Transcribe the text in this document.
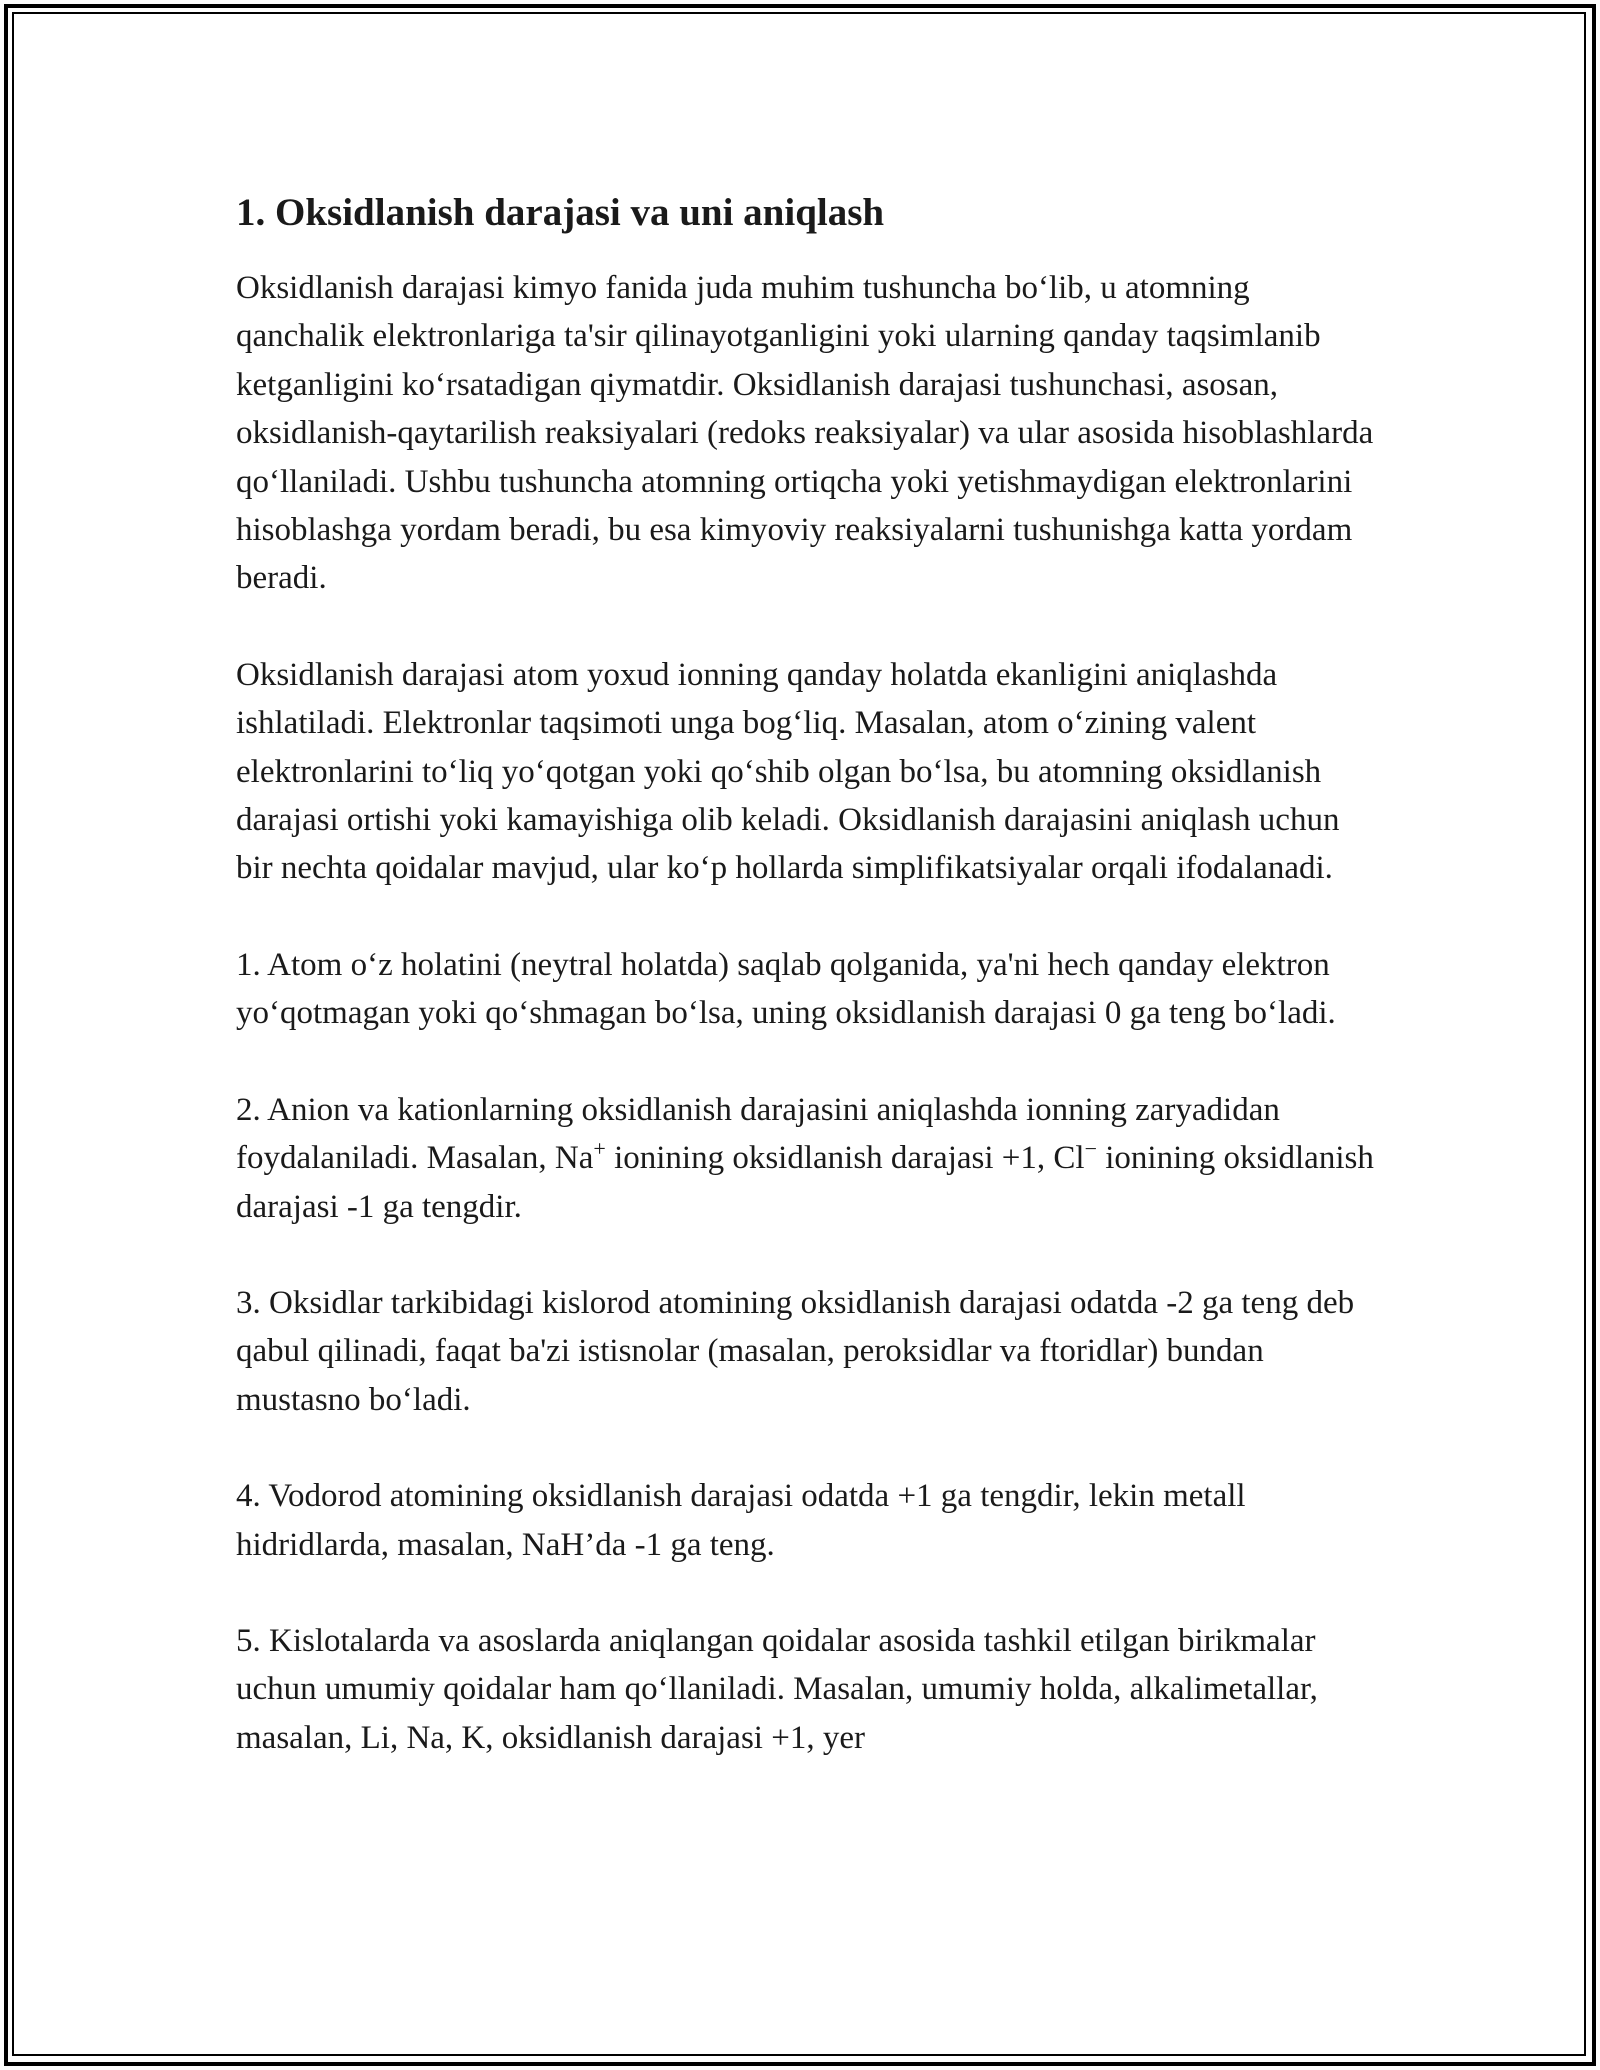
1. Oksidlanish darajasi va uni aniqlash

Oksidlanish darajasi kimyo fanida juda muhim tushuncha bo‘lib, u atomning qanchalik elektronlariga ta'sir qilinayotganligini yoki ularning qanday taqsimlanib ketganligini ko‘rsatadigan qiymatdir. Oksidlanish darajasi tushunchasi, asosan, oksidlanish-qaytarilish reaksiyalari (redoks reaksiyalar) va ular asosida hisoblashlarda qo‘llaniladi. Ushbu tushuncha atomning ortiqcha yoki yetishmaydigan elektronlarini hisoblashga yordam beradi, bu esa kimyoviy reaksiyalarni tushunishga katta yordam beradi.

Oksidlanish darajasi atom yoxud ionning qanday holatda ekanligini aniqlashda ishlatiladi. Elektronlar taqsimoti unga bog‘liq. Masalan, atom o‘zining valent elektronlarini to‘liq yo‘qotgan yoki qo‘shib olgan bo‘lsa, bu atomning oksidlanish darajasi ortishi yoki kamayishiga olib keladi. Oksidlanish darajasini aniqlash uchun bir nechta qoidalar mavjud, ular ko‘p hollarda simplifikatsiyalar orqali ifodalanadi.

1. Atom o‘z holatini (neytral holatda) saqlab qolganida, ya'ni hech qanday elektron yo‘qotmagan yoki qo‘shmagan bo‘lsa, uning oksidlanish darajasi 0 ga teng bo‘ladi.

2. Anion va kationlarning oksidlanish darajasini aniqlashda ionning zaryadidan foydalaniladi. Masalan, Na+ ionining oksidlanish darajasi +1, Cl− ionining oksidlanish darajasi -1 ga tengdir.

3. Oksidlar tarkibidagi kislorod atomining oksidlanish darajasi odatda -2 ga teng deb qabul qilinadi, faqat ba'zi istisnolar (masalan, peroksidlar va ftoridlar) bundan mustasno bo‘ladi.

4. Vodorod atomining oksidlanish darajasi odatda +1 ga tengdir, lekin metall hidridlarda, masalan, NaH’da -1 ga teng.

5. Kislotalarda va asoslarda aniqlangan qoidalar asosida tashkil etilgan birikmalar uchun umumiy qoidalar ham qo‘llaniladi. Masalan, umumiy holda, alkalimetallar, masalan, Li, Na, K, oksidlanish darajasi +1, yer
